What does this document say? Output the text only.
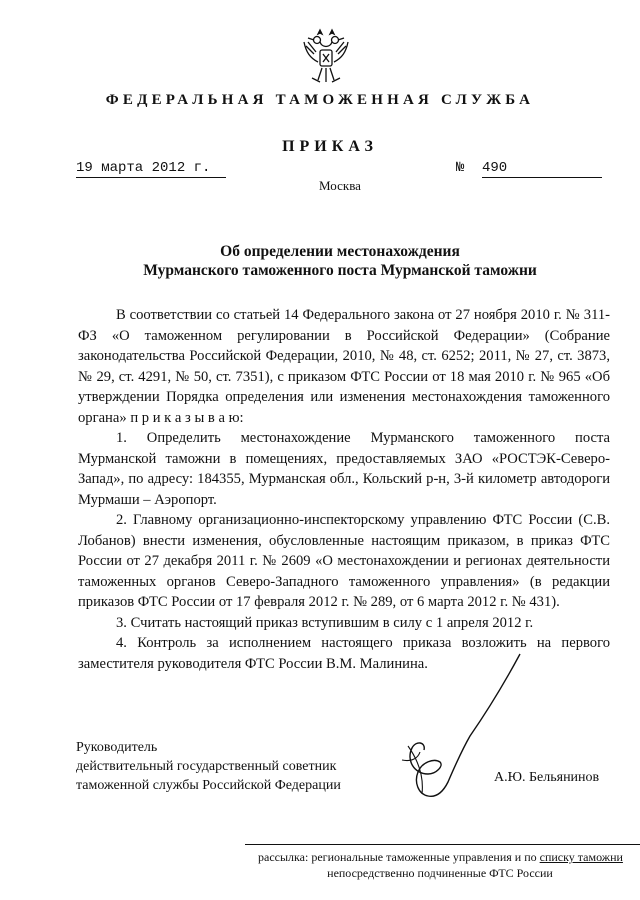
ФЕДЕРАЛЬНАЯ ТАМОЖЕННАЯ СЛУЖБА
ПРИКАЗ
19 марта 2012 г.	№ 490
Москва
Об определении местонахождения
Мурманского таможенного поста Мурманской таможни

В соответствии со статьей 14 Федерального закона от 27 ноября 2010 г. № 311-ФЗ «О таможенном регулировании в Российской Федерации» (Собрание законодательства Российской Федерации, 2010, № 48, ст. 6252; 2011, № 27, ст. 3873, № 29, ст. 4291, № 50, ст. 7351), с приказом ФТС России от 18 мая 2010 г. № 965 «Об утверждении Порядка определения или изменения местонахождения таможенного органа» п р и к а з ы в а ю:

1. Определить местонахождение Мурманского таможенного поста Мурманской таможни в помещениях, предоставляемых ЗАО «РОСТЭК-Северо-Запад», по адресу: 184355, Мурманская обл., Кольский р-н, 3-й километр автодороги Мурмаши – Аэропорт.

2. Главному организационно-инспекторскому управлению ФТС России (С.В. Лобанов) внести изменения, обусловленные настоящим приказом, в приказ ФТС России от 27 декабря 2011 г. № 2609 «О местонахождении и регионах деятельности таможенных органов Северо-Западного таможенного управления» (в редакции приказов ФТС России от 17 февраля 2012 г. № 289, от 6 марта 2012 г. № 431).

3. Считать настоящий приказ вступившим в силу с 1 апреля 2012 г.

4. Контроль за исполнением настоящего приказа возложить на первого заместителя руководителя ФТС России В.М. Малинина.

Руководитель
действительный государственный советник
таможенной службы Российской Федерации
А.Ю. Бельянинов
рассылка: региональные таможенные управления и по списку таможни
непосредственно подчиненные ФТС России
